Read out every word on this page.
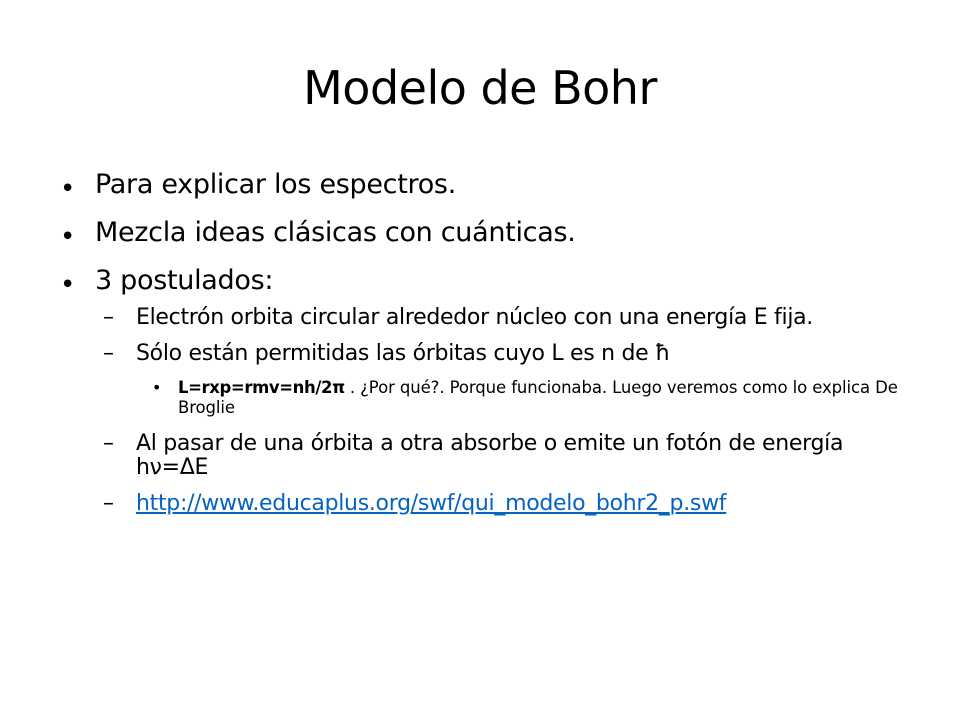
Modelo de Bohr
• Para explicar los espectros.
• Mezcla ideas clásicas con cuánticas.
• 3 postulados:
– Electrón orbita circular alrededor núcleo con una energía E fija.
– Sólo están permitidas las órbitas cuyo L es n de ħ
• L=rxp=rmv=nh/2π . ¿Por qué?. Porque funcionaba. Luego veremos como lo explica De Broglie
– Al pasar de una órbita a otra absorbe o emite un fotón de energía hν=ΔE
– http://www.educaplus.org/swf/qui_modelo_bohr2_p.swf
